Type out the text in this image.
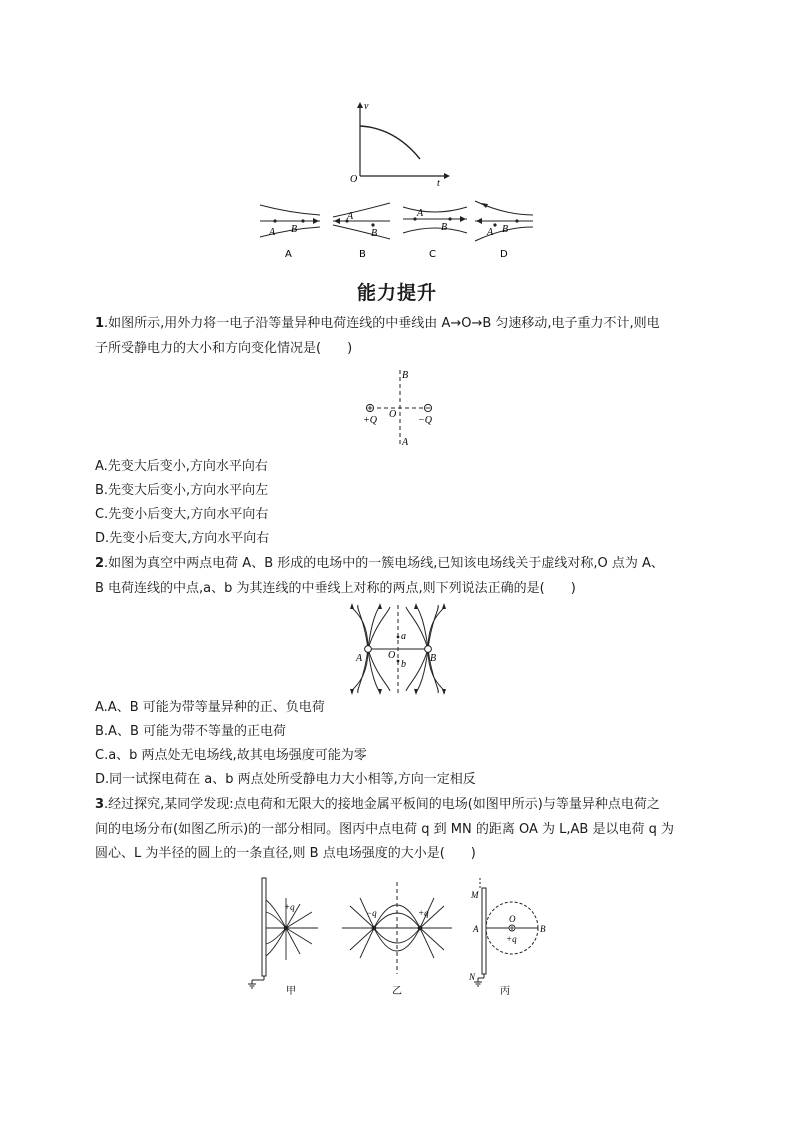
v
t
O
A B
A
A
B
B
A
B
C
A B
D
能力提升
1.如图所示,用外力将一电子沿等量异种电荷连线的中垂线由 A→O→B 匀速移动,电子重力不计,则电
子所受静电力的大小和方向变化情况是(　　)
B
O
A
+Q	−Q
A.先变大后变小,方向水平向右
B.先变大后变小,方向水平向左
C.先变小后变大,方向水平向右
D.先变小后变大,方向水平向右
2.如图为真空中两点电荷 A、B 形成的电场中的一簇电场线,已知该电场线关于虚线对称,O 点为 A、
B 电荷连线的中点,a、b 为其连线的中垂线上对称的两点,则下列说法正确的是(　　)
A	B
O
a
b
A.A、B 可能为带等量异种的正、负电荷
B.A、B 可能为带不等量的正电荷
C.a、b 两点处无电场线,故其电场强度可能为零
D.同一试探电荷在 a、b 两点处所受静电力大小相等,方向一定相反
3.经过探究,某同学发现:点电荷和无限大的接地金属平板间的电场(如图甲所示)与等量异种点电荷之
间的电场分布(如图乙所示)的一部分相同。图丙中点电荷 q 到 MN 的距离 OA 为 L,AB 是以电荷 q 为
圆心、L 为半径的圆上的一条直径,则 B 点电场强度的大小是(　　)
+q
甲
−q	+q
乙
M
N
A
O
B
+q
丙
